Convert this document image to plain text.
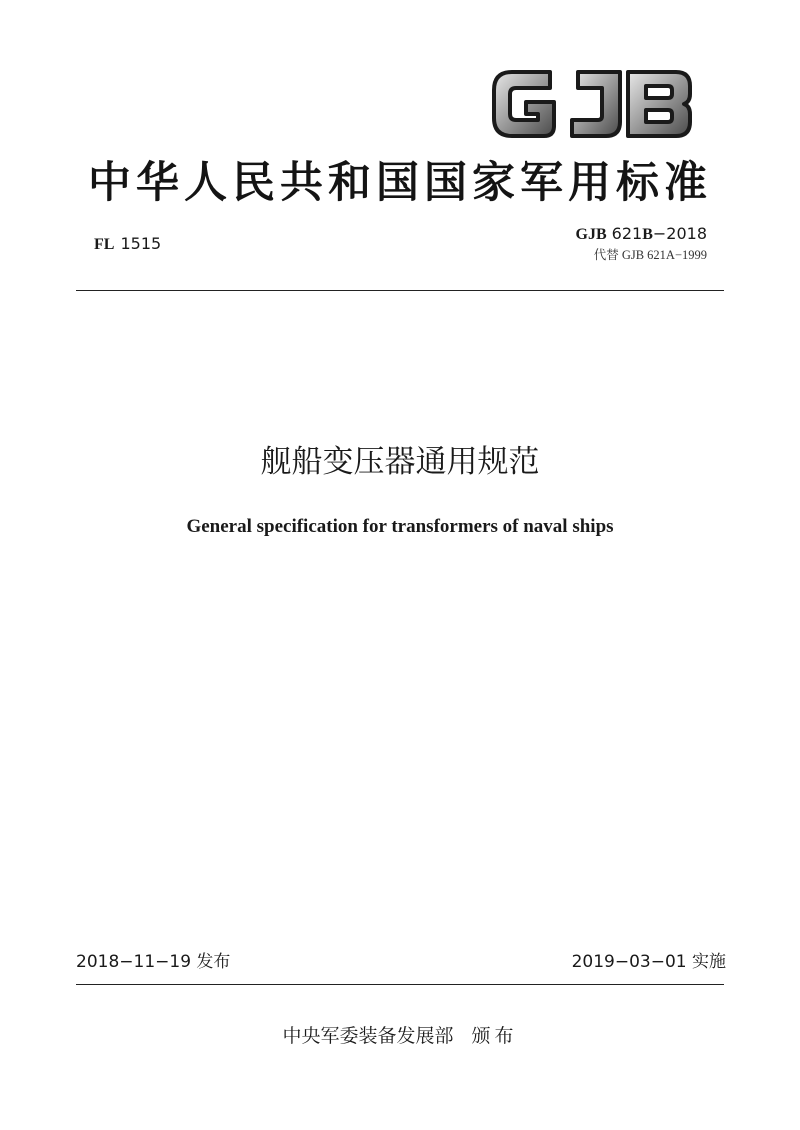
中华人民共和国国家军用标准
FL 1515	GJB 621B−2018
代替 GJB 621A−1999
舰船变压器通用规范
General specification for transformers of naval ships
2018−11−19 发布	2019−03−01 实施
中央军委装备发展部 颁布
